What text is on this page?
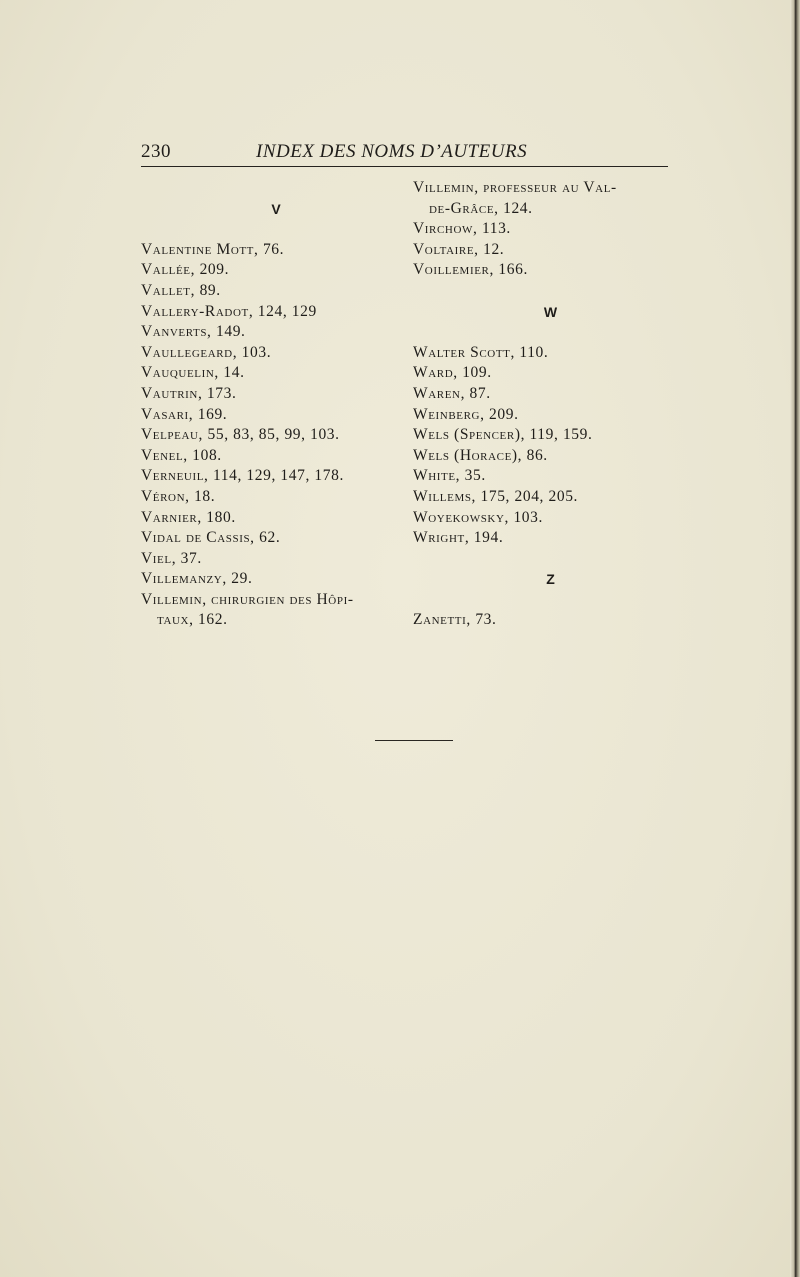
230	INDEX DES NOMS D’AUTEURS
V
Valentine Mott, 76.
Vallée, 209.
Vallet, 89.
Vallery-Radot, 124, 129
Vanverts, 149.
Vaullegeard, 103.
Vauquelin, 14.
Vautrin, 173.
Vasari, 169.
Velpeau, 55, 83, 85, 99, 103.
Venel, 108.
Verneuil, 114, 129, 147, 178.
Véron, 18.
Varnier, 180.
Vidal de Cassis, 62.
Viel, 37.
Villemanzy, 29.
Villemin, chirurgien des Hôpi-
taux, 162.
Villemin, professeur au Val-
de-Grâce, 124.
Virchow, 113.
Voltaire, 12.
Voillemier, 166.
W
Walter Scott, 110.
Ward, 109.
Waren, 87.
Weinberg, 209.
Wels (Spencer), 119, 159.
Wels (Horace), 86.
White, 35.
Willems, 175, 204, 205.
Woyekowsky, 103.
Wright, 194.
Z
Zanetti, 73.
